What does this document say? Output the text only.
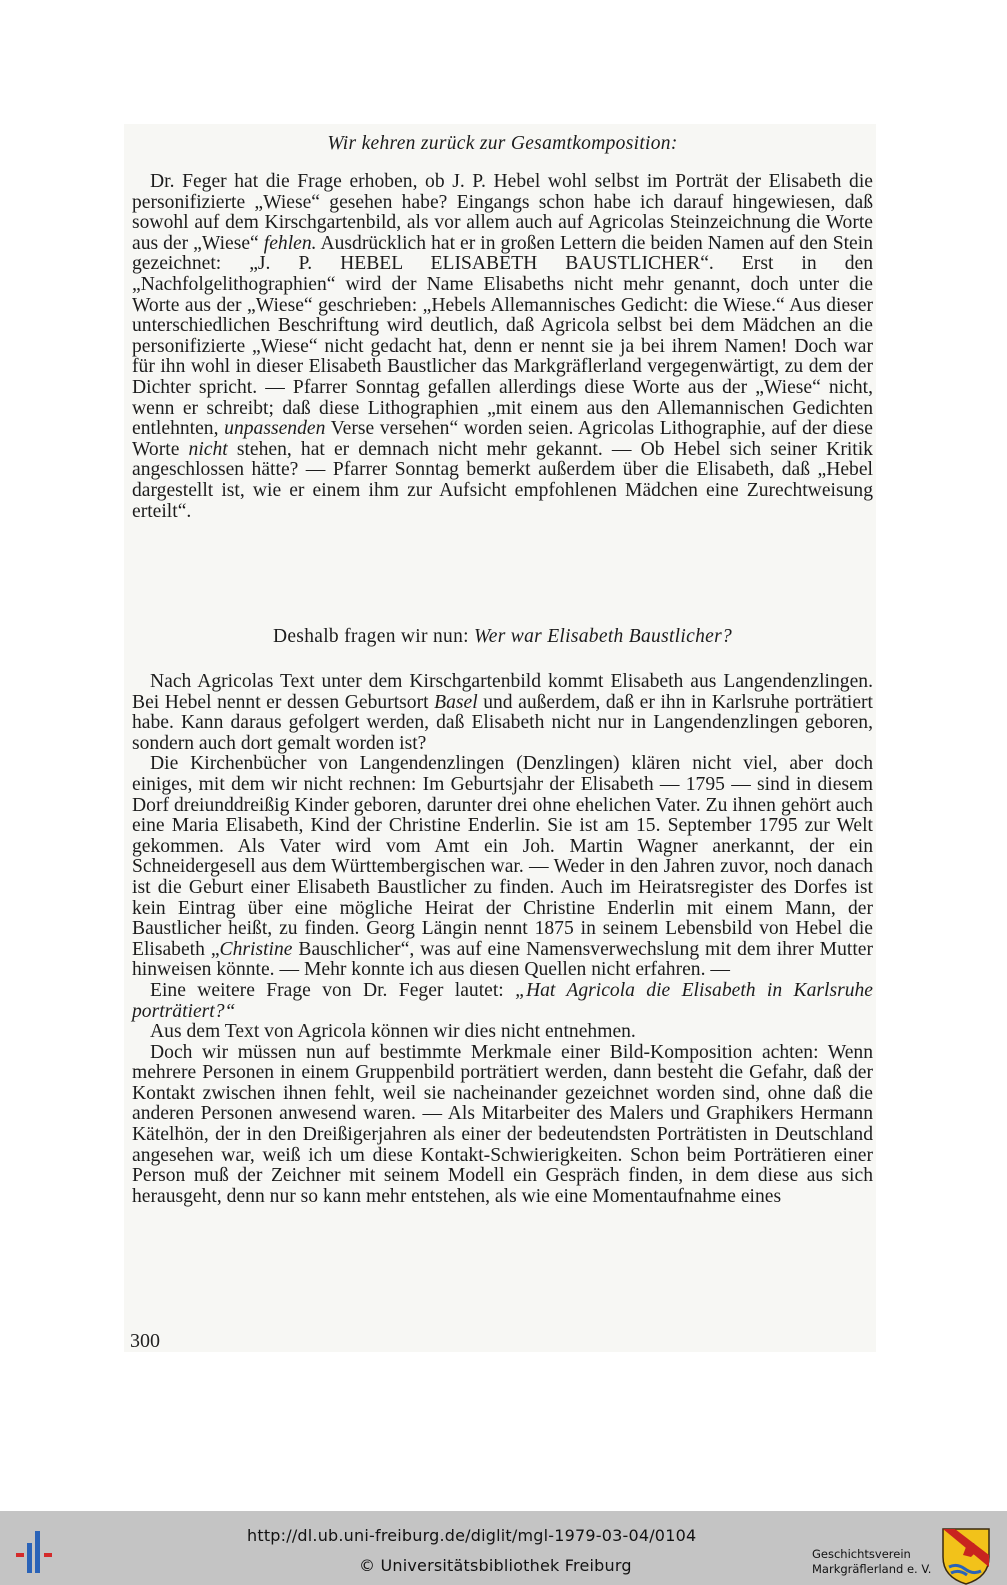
Wir kehren zurück zur Gesamtkomposition:

Dr. Feger hat die Frage erhoben, ob J. P. Hebel wohl selbst im Porträt der Elisabeth die personifizierte „Wiese“ gesehen habe? Eingangs schon habe ich darauf hingewiesen, daß sowohl auf dem Kirschgartenbild, als vor allem auch auf Agricolas Steinzeichnung die Worte aus der „Wiese“ fehlen. Ausdrücklich hat er in großen Lettern die beiden Namen auf den Stein gezeichnet: „J. P. HEBEL ELISABETH BAUSTLICHER“. Erst in den „Nachfolgelithographien“ wird der Name Elisabeths nicht mehr genannt, doch unter die Worte aus der „Wiese“ geschrieben: „Hebels Allemannisches Gedicht: die Wiese.“ Aus dieser unterschiedlichen Beschriftung wird deutlich, daß Agricola selbst bei dem Mädchen an die personifizierte „Wiese“ nicht gedacht hat, denn er nennt sie ja bei ihrem Namen! Doch war für ihn wohl in dieser Elisabeth Baustlicher das Markgräflerland vergegenwärtigt, zu dem der Dichter spricht. — Pfarrer Sonntag gefallen allerdings diese Worte aus der „Wiese“ nicht, wenn er schreibt; daß diese Lithographien „mit einem aus den Allemannischen Gedichten entlehnten, unpassenden Verse versehen“ worden seien. Agricolas Lithographie, auf der diese Worte nicht stehen, hat er demnach nicht mehr gekannt. — Ob Hebel sich seiner Kritik angeschlossen hätte? — Pfarrer Sonntag bemerkt außerdem über die Elisabeth, daß „Hebel dargestellt ist, wie er einem ihm zur Aufsicht empfohlenen Mädchen eine Zurechtweisung erteilt“.

Deshalb fragen wir nun: Wer war Elisabeth Baustlicher?

Nach Agricolas Text unter dem Kirschgartenbild kommt Elisabeth aus Langendenzlingen. Bei Hebel nennt er dessen Geburtsort Basel und außerdem, daß er ihn in Karlsruhe porträtiert habe. Kann daraus gefolgert werden, daß Elisabeth nicht nur in Langendenzlingen geboren, sondern auch dort gemalt worden ist?

Die Kirchenbücher von Langendenzlingen (Denzlingen) klären nicht viel, aber doch einiges, mit dem wir nicht rechnen: Im Geburtsjahr der Elisabeth — 1795 — sind in diesem Dorf dreiunddreißig Kinder geboren, darunter drei ohne ehelichen Vater. Zu ihnen gehört auch eine Maria Elisabeth, Kind der Christine Enderlin. Sie ist am 15. September 1795 zur Welt gekommen. Als Vater wird vom Amt ein Joh. Martin Wagner anerkannt, der ein Schneidergesell aus dem Württembergischen war. — Weder in den Jahren zuvor, noch danach ist die Geburt einer Elisabeth Baustlicher zu finden. Auch im Heiratsregister des Dorfes ist kein Eintrag über eine mögliche Heirat der Christine Enderlin mit einem Mann, der Baustlicher heißt, zu finden. Georg Längin nennt 1875 in seinem Lebensbild von Hebel die Elisabeth „Christine Bauschlicher“, was auf eine Namensverwechslung mit dem ihrer Mutter hinweisen könnte. — Mehr konnte ich aus diesen Quellen nicht erfahren. —

Eine weitere Frage von Dr. Feger lautet: „Hat Agricola die Elisabeth in Karlsruhe porträtiert?“

Aus dem Text von Agricola können wir dies nicht entnehmen.

Doch wir müssen nun auf bestimmte Merkmale einer Bild-Komposition achten: Wenn mehrere Personen in einem Gruppenbild porträtiert werden, dann besteht die Gefahr, daß der Kontakt zwischen ihnen fehlt, weil sie nacheinander gezeichnet worden sind, ohne daß die anderen Personen anwesend waren. — Als Mitarbeiter des Malers und Graphikers Hermann Kätelhön, der in den Dreißigerjahren als einer der bedeutendsten Porträtisten in Deutschland angesehen war, weiß ich um diese Kontakt-Schwierigkeiten. Schon beim Porträtieren einer Person muß der Zeichner mit seinem Modell ein Gespräch finden, in dem diese aus sich herausgeht, denn nur so kann mehr entstehen, als wie eine Momentaufnahme eines

300
http://dl.ub.uni-freiburg.de/diglit/mgl-1979-03-04/0104
© Universitätsbibliothek Freiburg
Geschichtsverein
Markgräflerland e. V.
